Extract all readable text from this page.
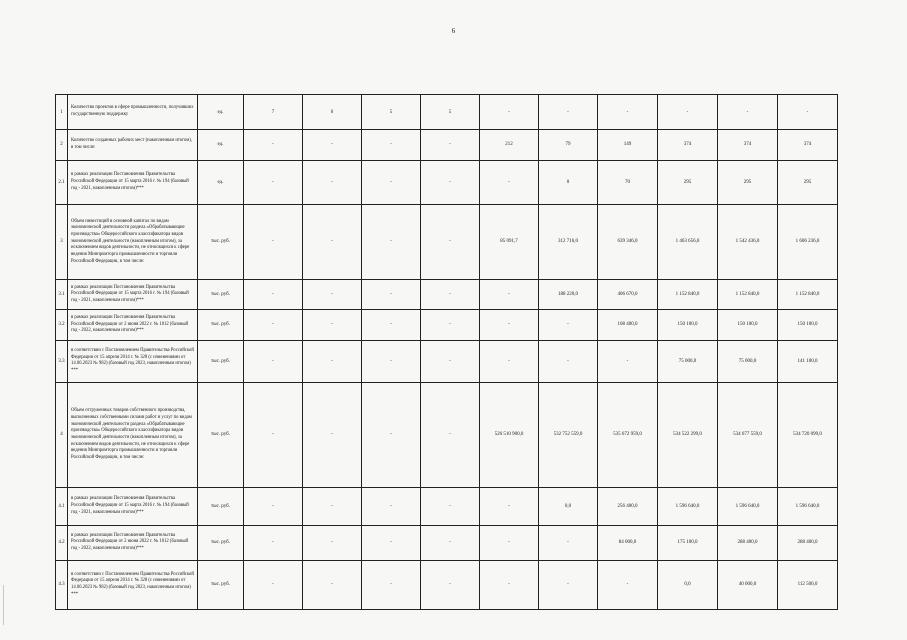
6
1	Количество проектов в сфере промышленности, получивших государственную поддержку	ед.	7	6	5	5	-	-	-	-	-	-
2	Количество созданных рабочих мест (накопленным итогом), в том числе:	ед.	-	-	-	-	212	79	149	374	374	374
2.1	в рамках реализации Постановления Правительства Российской Федерации от 15 марта 2016 г. № 194 (базовый год - 2021, накопленным итогом)***	ед.	-	-	-	-	-	0	70	295	295	295
3	Объем инвестиций в основной капитал по видам экономической деятельности раздела «Обрабатывающие производства» Общероссийского классификатора видов экономической деятельности (накопленным итогом), за исключением видов деятельности, не относящихся к сфере ведения Минпромторга промышленности и торговли Российской Федерации, в том числе:	тыс. руб.	-	-	-	-	85 091,7	312 716,0	639 346,0	1 463 656,0	1 542 436,0	1 606 236,0
3.1	в рамках реализации Постановления Правительства Российской Федерации от 15 марта 2016 г. № 194 (базовый год - 2021, накопленным итогом)***	тыс. руб.	-	-	-	-	-	188 220,0	406 670,0	1 152 840,0	1 152 840,0	1 152 840,0
3.2	в рамках реализации Постановления Правительства Российской Федерации от 2 июня 2022 г. № 1012 (базовый год - 2022, накопленным итогом)***	тыс. руб.	-	-	-	-	-	-	108 400,0	150 100,0	150 100,0	150 100,0
3.3	в соответствии с Постановлением Правительства Российской Федерации от 15 апреля 2014 г. № 328 (с изменениями от 14.06.2023 № 982) (базовый год 2023, накопленным итогом) ***	тыс. руб.	-	-	-	-	-	-	-	75 000,0	75 000,0	141 100,0
4	Объем отгруженных товаров собственного производства, выполненных собственными силами работ и услуг по видам экономической деятельности раздела «Обрабатывающие производства» Общероссийского классификатора видов экономической деятельности (накопленным итогом), за исключением видов деятельности, не относящихся к сфере ведения Минпромторга промышленности и торговли Российской Федерации, в том числе:	тыс. руб.	-	-	-	-	526 510 900,0	532 752 559,0	535 672 959,0	534 522 299,0	534 677 559,0	534 720 099,0
4.1	в рамках реализации Постановления Правительства Российской Федерации от 15 марта 2016 г. № 194 (базовый год - 2021, накопленным итогом)***	тыс. руб.	-	-	-	-	-	0,0	256 400,0	1 596 640,0	1 596 640,0	1 596 640,0
4.2	в рамках реализации Постановления Правительства Российской Федерации от 2 июня 2022 г. № 1012 (базовый год - 2022, накопленным итогом)***	тыс. руб.	-	-	-	-	-	-	84 000,0	175 100,0	288 400,0	288 400,0
4.3	в соответствии с Постановлением Правительства Российской Федерации от 15 апреля 2014 г. № 328 (с изменениями от 14.06.2023 № 982) (базовый год 2023, накопленным итогом) ***	тыс. руб.	-	-	-	-	-	-	-	0,0	40 000,0	112 500,0
